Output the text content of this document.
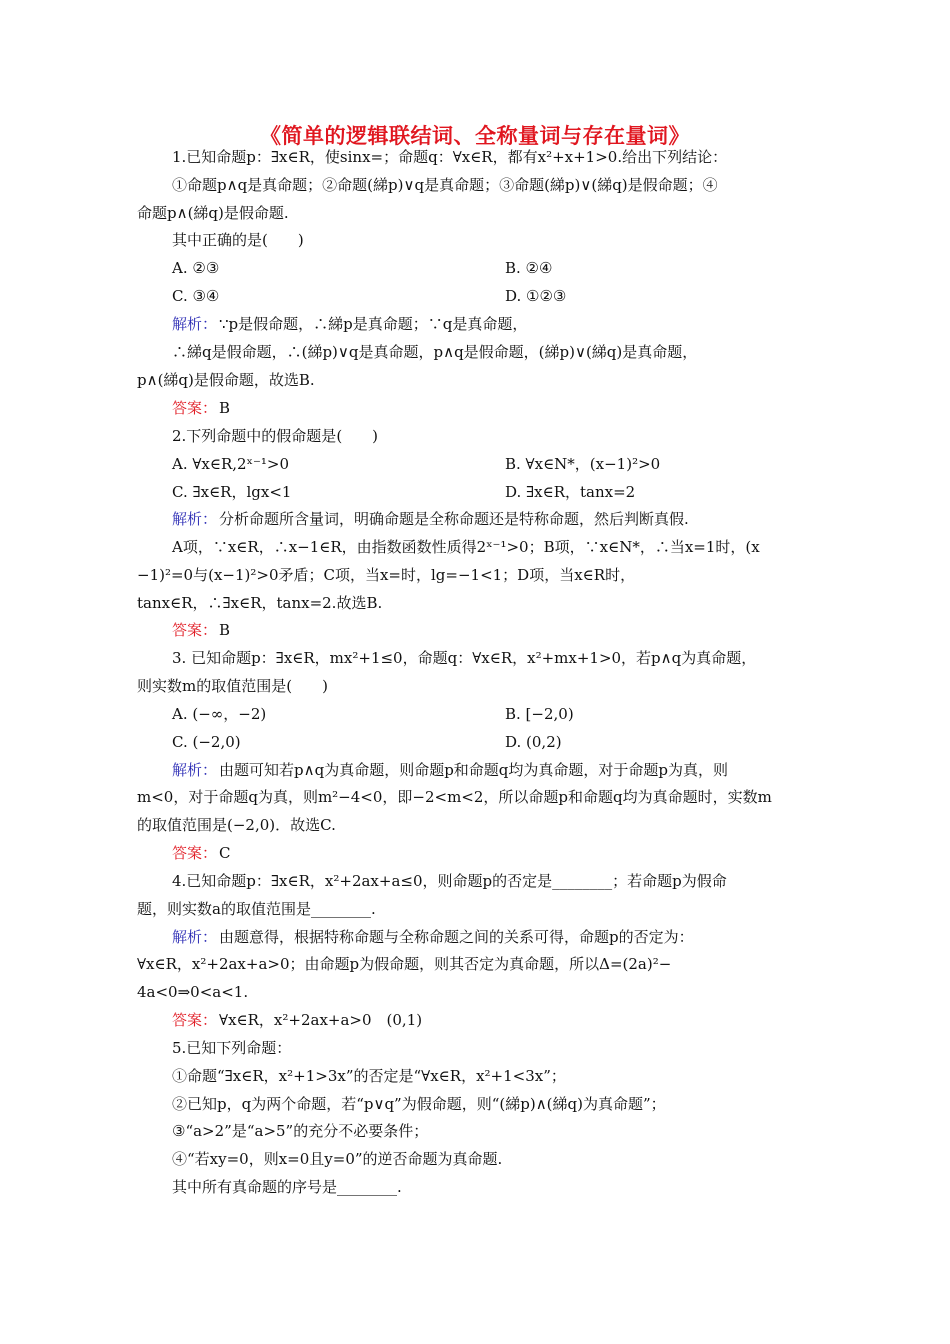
《简单的逻辑联结词、全称量词与存在量词》
1.已知命题p：∃x∈R，使sinx=；命题q：∀x∈R，都有x²+x+1>0.给出下列结论：
①命题p∧q是真命题；②命题(綈p)∨q是真命题；③命题(綈p)∨(綈q)是假命题；④
命题p∧(綈q)是假命题.
其中正确的是(　　)
A. ②③	B. ②④
C. ③④	D. ①②③
解析： ∵p是假命题，∴綈p是真命题；∵q是真命题，
∴綈q是假命题，∴(綈p)∨q是真命题，p∧q是假命题，(綈p)∨(綈q)是真命题，
p∧(綈q)是假命题，故选B.
答案： B
2.下列命题中的假命题是(　　)
A. ∀x∈R,2ˣ⁻¹>0	B. ∀x∈N*，(x−1)²>0
C. ∃x∈R，lgx<1	D. ∃x∈R，tanx=2
解析： 分析命题所含量词，明确命题是全称命题还是特称命题，然后判断真假.
A项，∵x∈R，∴x−1∈R，由指数函数性质得2ˣ⁻¹>0；B项，∵x∈N*，∴当x=1时，(x
−1)²=0与(x−1)²>0矛盾；C项，当x=时，lg=−1<1；D项，当x∈R时，
tanx∈R，∴∃x∈R，tanx=2.故选B.
答案： B
3. 已知命题p：∃x∈R，mx²+1≤0，命题q：∀x∈R，x²+mx+1>0，若p∧q为真命题，
则实数m的取值范围是(　　)
A. (−∞，−2)	B. [−2,0)
C. (−2,0)	D. (0,2)
解析： 由题可知若p∧q为真命题，则命题p和命题q均为真命题，对于命题p为真，则
m<0，对于命题q为真，则m²−4<0，即−2<m<2，所以命题p和命题q均为真命题时，实数m
的取值范围是(−2,0)．故选C.
答案： C
4.已知命题p：∃x∈R，x²+2ax+a≤0，则命题p的否定是________；若命题p为假命
题，则实数a的取值范围是________.
解析： 由题意得，根据特称命题与全称命题之间的关系可得，命题p的否定为：
∀x∈R，x²+2ax+a>0；由命题p为假命题，则其否定为真命题，所以Δ=(2a)²−
4a<0⇒0<a<1.
答案： ∀x∈R，x²+2ax+a>0　(0,1)
5.已知下列命题：
①命题“∃x∈R，x²+1>3x”的否定是“∀x∈R，x²+1<3x”；
②已知p，q为两个命题，若“p∨q”为假命题，则“(綈p)∧(綈q)为真命题”；
③“a>2”是“a>5”的充分不必要条件；
④“若xy=0，则x=0且y=0”的逆否命题为真命题.
其中所有真命题的序号是________.
